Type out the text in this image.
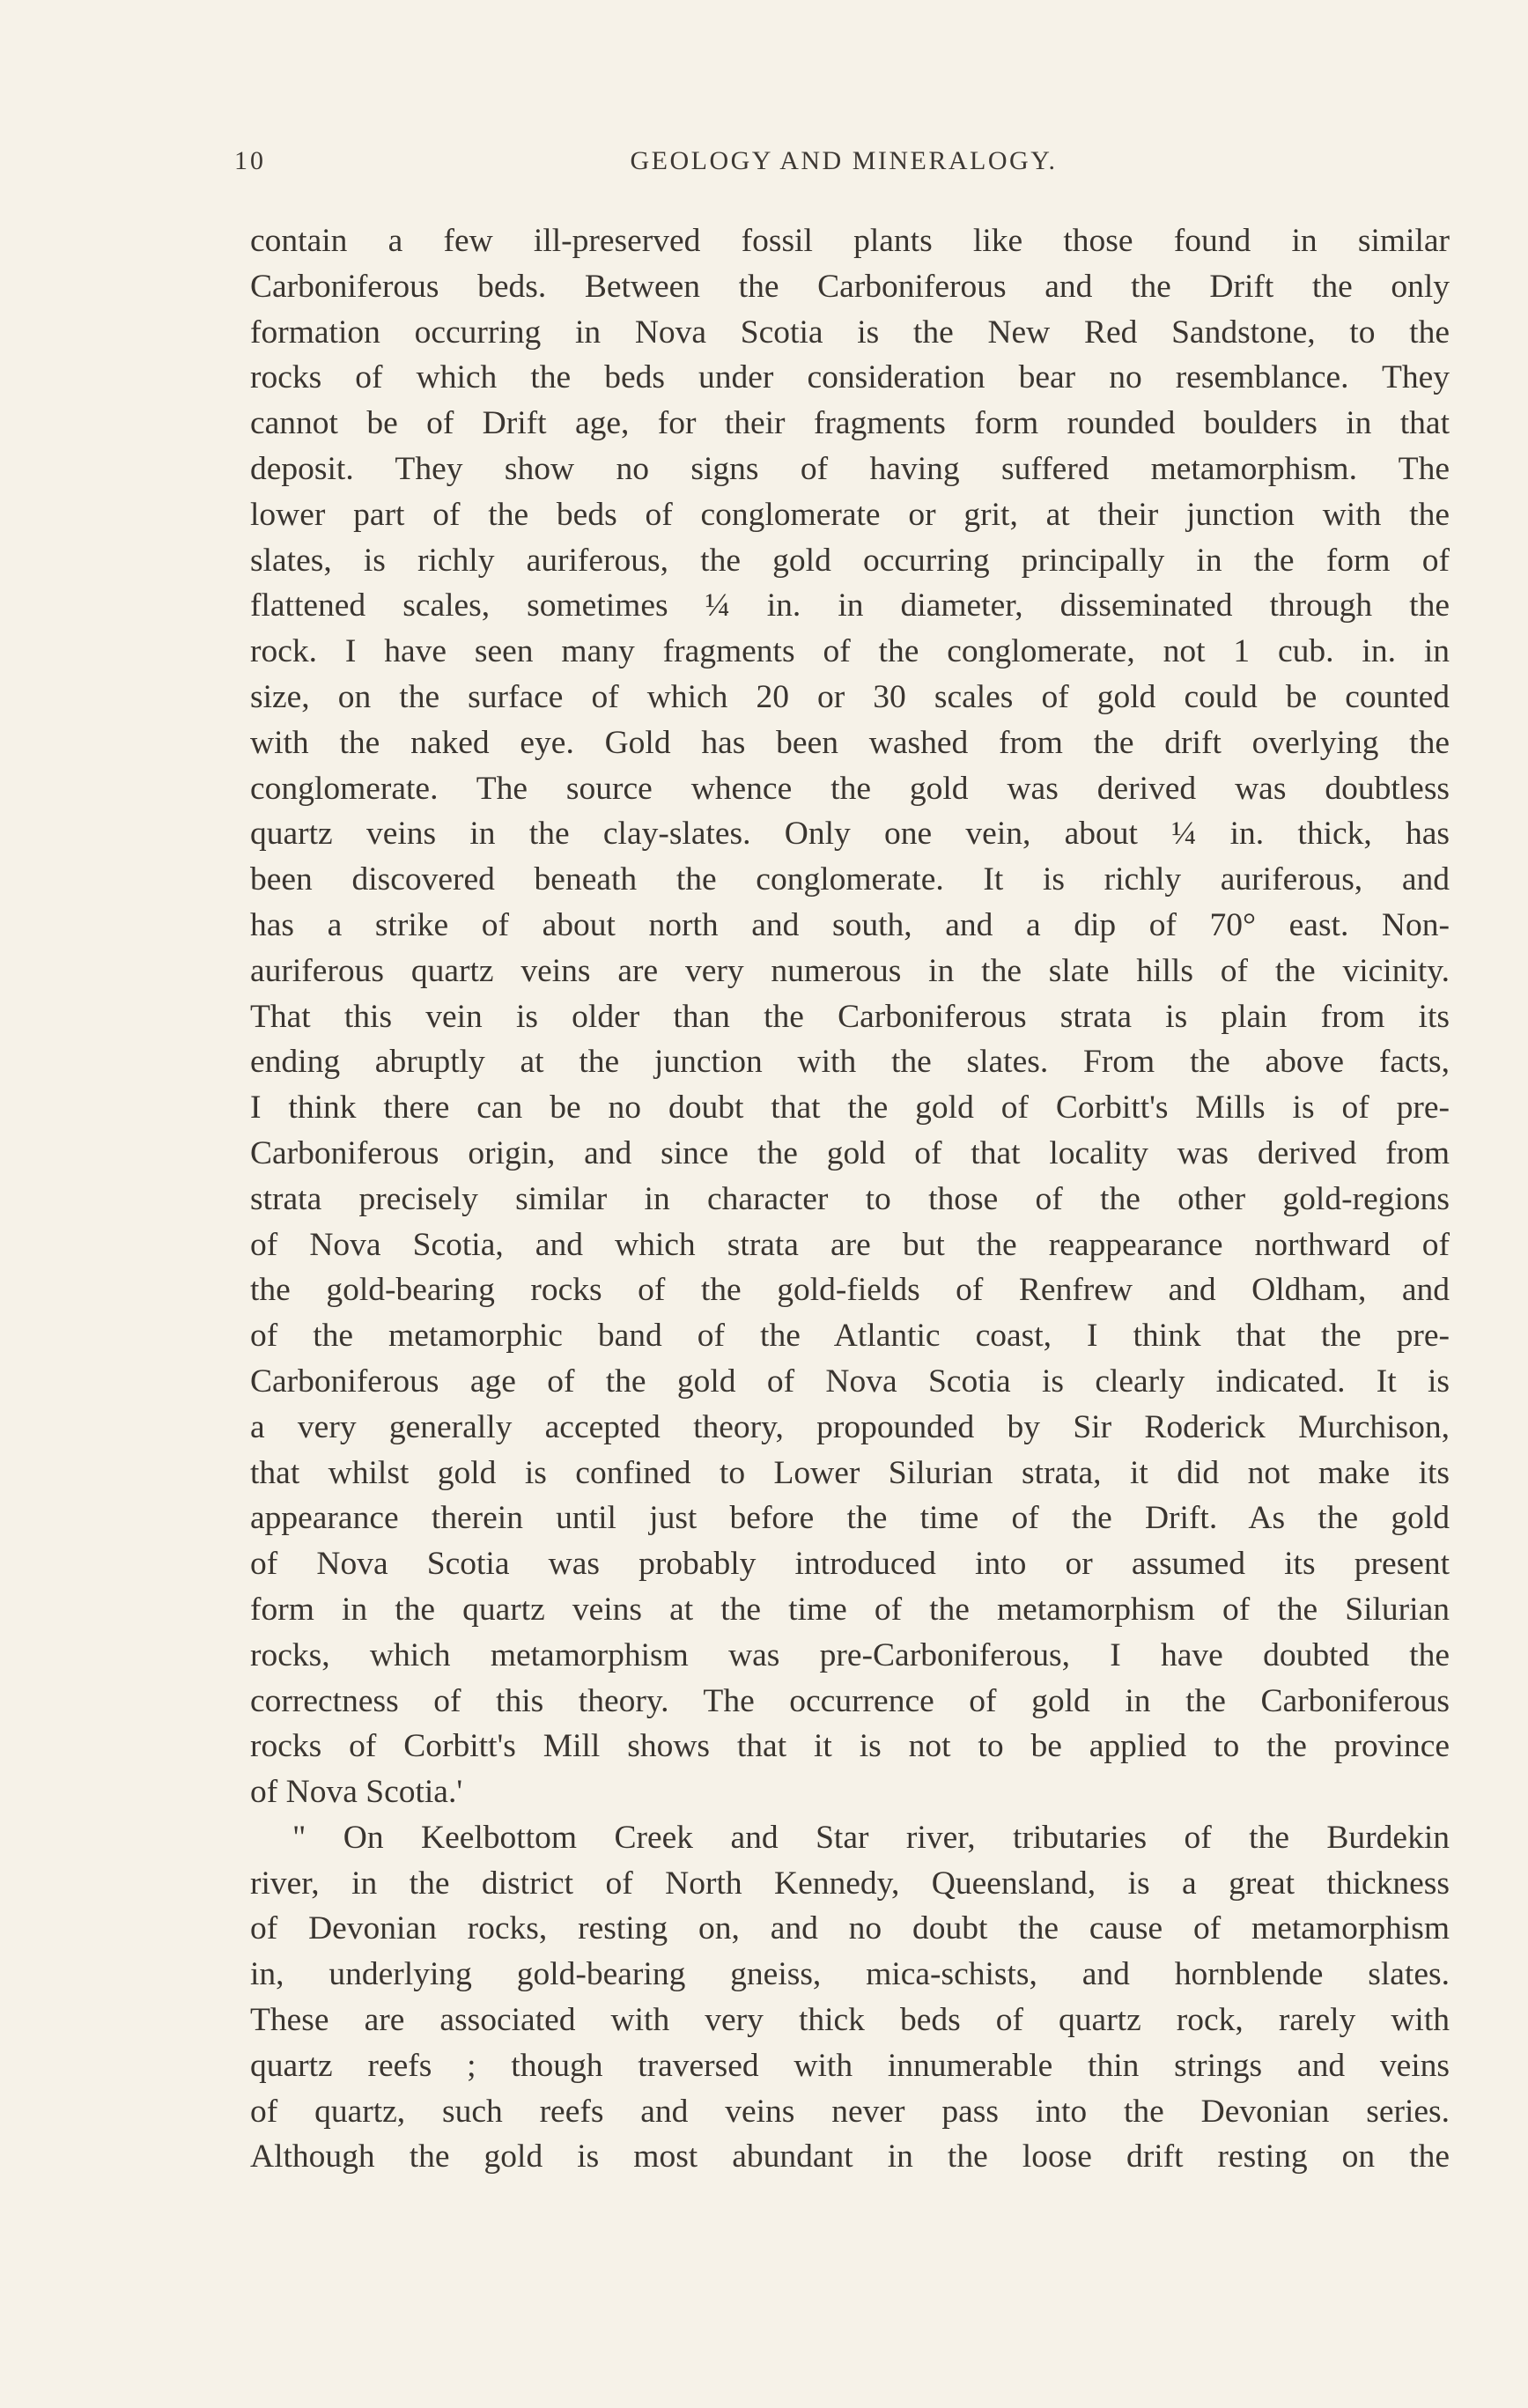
10	GEOLOGY AND MINERALOGY.
contain a few ill-preserved fossil plants like those found in similar
Carboniferous beds. Between the Carboniferous and the Drift the only
formation occurring in Nova Scotia is the New Red Sandstone, to the
rocks of which the beds under consideration bear no resemblance. They
cannot be of Drift age, for their fragments form rounded boulders in that
deposit. They show no signs of having suffered metamorphism. The
lower part of the beds of conglomerate or grit, at their junction with the
slates, is richly auriferous, the gold occurring principally in the form of
flattened scales, sometimes ¼ in. in diameter, disseminated through the
rock. I have seen many fragments of the conglomerate, not 1 cub. in. in
size, on the surface of which 20 or 30 scales of gold could be counted
with the naked eye. Gold has been washed from the drift overlying the
conglomerate. The source whence the gold was derived was doubtless
quartz veins in the clay-slates. Only one vein, about ¼ in. thick, has
been discovered beneath the conglomerate. It is richly auriferous, and
has a strike of about north and south, and a dip of 70° east. Non-
auriferous quartz veins are very numerous in the slate hills of the vicinity.
That this vein is older than the Carboniferous strata is plain from its
ending abruptly at the junction with the slates. From the above facts,
I think there can be no doubt that the gold of Corbitt's Mills is of pre-
Carboniferous origin, and since the gold of that locality was derived from
strata precisely similar in character to those of the other gold-regions
of Nova Scotia, and which strata are but the reappearance northward of
the gold-bearing rocks of the gold-fields of Renfrew and Oldham, and
of the metamorphic band of the Atlantic coast, I think that the pre-
Carboniferous age of the gold of Nova Scotia is clearly indicated. It is
a very generally accepted theory, propounded by Sir Roderick Murchison,
that whilst gold is confined to Lower Silurian strata, it did not make its
appearance therein until just before the time of the Drift. As the gold
of Nova Scotia was probably introduced into or assumed its present
form in the quartz veins at the time of the metamorphism of the Silurian
rocks, which metamorphism was pre-Carboniferous, I have doubted the
correctness of this theory. The occurrence of gold in the Carboniferous
rocks of Corbitt's Mill shows that it is not to be applied to the province
of Nova Scotia.'
" On Keelbottom Creek and Star river, tributaries of the Burdekin
river, in the district of North Kennedy, Queensland, is a great thickness
of Devonian rocks, resting on, and no doubt the cause of metamorphism
in, underlying gold-bearing gneiss, mica-schists, and hornblende slates.
These are associated with very thick beds of quartz rock, rarely with
quartz reefs ; though traversed with innumerable thin strings and veins
of quartz, such reefs and veins never pass into the Devonian series.
Although the gold is most abundant in the loose drift resting on the
